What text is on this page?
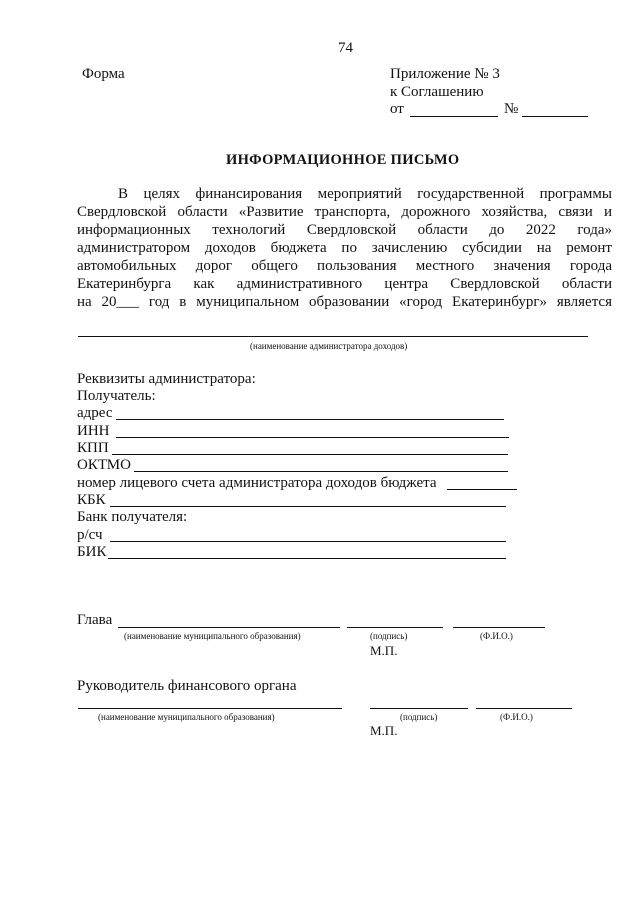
74
Форма	Приложение № 3
к Соглашению
от	№
ИНФОРМАЦИОННОЕ ПИСЬМО
В целях финансирования мероприятий государственной программы
Свердловской области «Развитие транспорта, дорожного хозяйства, связи и
информационных технологий Свердловской области до 2022 года»
администратором доходов бюджета по зачислению субсидии на ремонт
автомобильных дорог общего пользования местного значения города
Екатеринбурга как административного центра Свердловской области
на 20___ год в муниципальном образовании «город Екатеринбург» является
(наименование администратора доходов)
Реквизиты администратора:
Получатель:
адрес
ИНН
КПП
ОКТМО
номер лицевого счета администратора доходов бюджета
КБК
Банк получателя:
р/сч
БИК
Глава
(наименование муниципального образования)	(подпись)	(Ф.И.О.)
М.П.
Руководитель финансового органа
(наименование муниципального образования)	(подпись)	(Ф.И.О.)
М.П.
